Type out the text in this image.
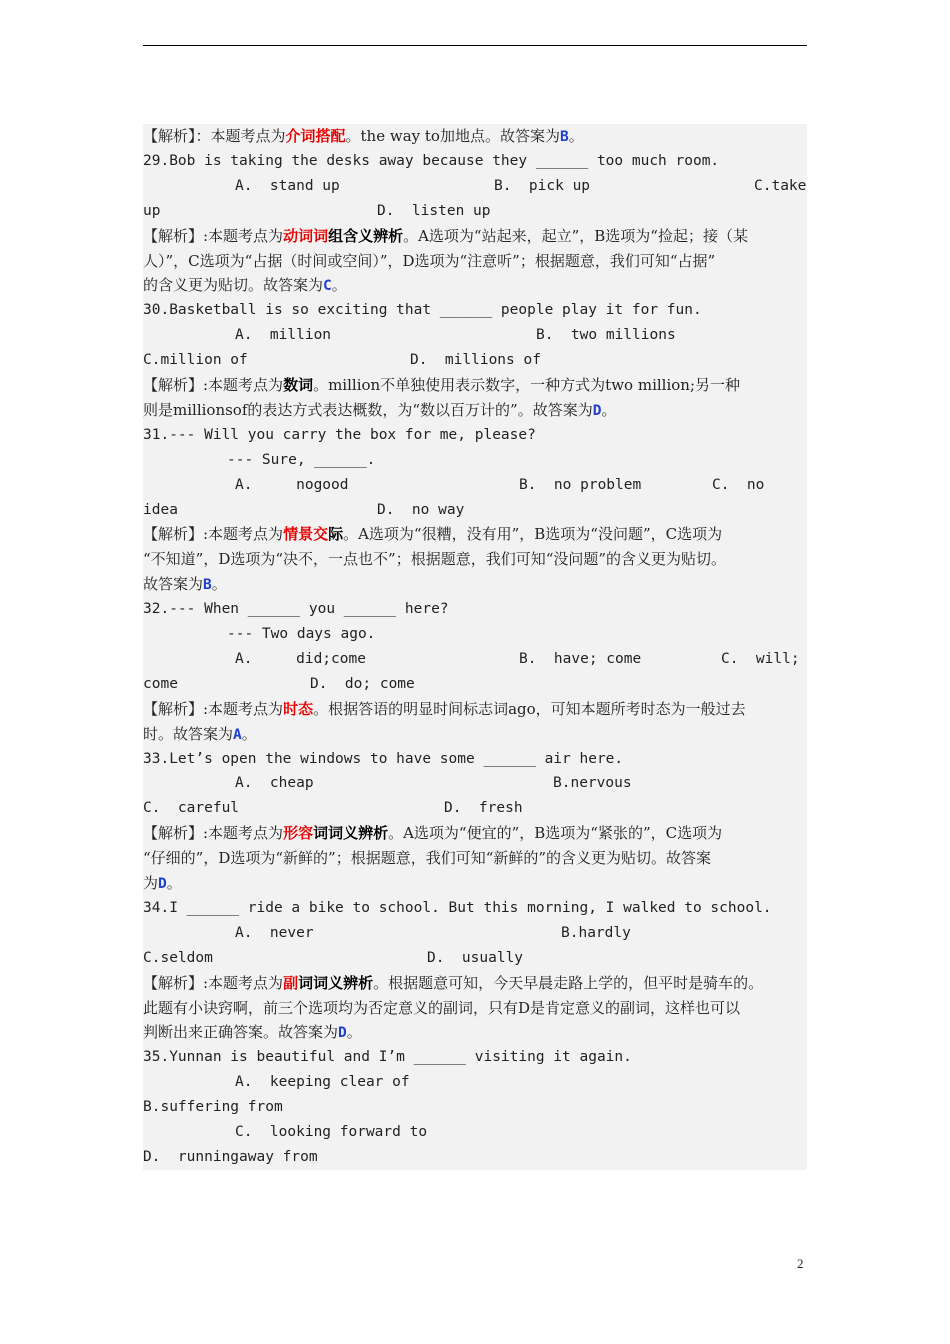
【解析】：本题考点为介词搭配。the way to加地点。故答案为B。
29.Bob is taking the desks away because they ______ too much room.
A.  stand up	B.  pick up	C.take
up	D.  listen up
【解析】:本题考点为动词词组含义辨析。A选项为“站起来，起立”，B选项为“捡起；接（某
人）”，C选项为“占据（时间或空间）”，D选项为“注意听”；根据题意，我们可知“占据”
的含义更为贴切。故答案为C。
30.Basketball is so exciting that ______ people play it for fun.
A.  million	B.  two millions
C.million of	D.  millions of
【解析】:本题考点为数词。million不单独使用表示数字，一种方式为two million;另一种
则是millionsof的表达方式表达概数，为“数以百万计的”。故答案为D。
31.--- Will you carry the box for me, please?
--- Sure, ______.
A.     nogood	B.  no problem	C.  no
idea	D.  no way
【解析】:本题考点为情景交际。A选项为“很糟，没有用”，B选项为“没问题”，C选项为
“不知道”，D选项为“决不，一点也不”；根据题意，我们可知“没问题”的含义更为贴切。
故答案为B。
32.--- When ______ you ______ here?
--- Two days ago.
A.     did;come	B.  have; come	C.  will;
come	D.  do; come
【解析】:本题考点为时态。根据答语的明显时间标志词ago，可知本题所考时态为一般过去
时。故答案为A。
33.Let’s open the windows to have some ______ air here.
A.  cheap	B.nervous
C.  careful	D.  fresh
【解析】:本题考点为形容词词义辨析。A选项为“便宜的”，B选项为“紧张的”，C选项为
“仔细的”，D选项为“新鲜的”；根据题意，我们可知“新鲜的”的含义更为贴切。故答案
为D。
34.I ______ ride a bike to school. But this morning, I walked to school.
A.  never	B.hardly
C.seldom	D.  usually
【解析】:本题考点为副词词义辨析。根据题意可知，今天早晨走路上学的，但平时是骑车的。
此题有小诀窍啊，前三个选项均为否定意义的副词，只有D是肯定意义的副词，这样也可以
判断出来正确答案。故答案为D。
35.Yunnan is beautiful and I’m ______ visiting it again.
A.  keeping clear of
B.suffering from
C.  looking forward to
D.  runningaway from
2
